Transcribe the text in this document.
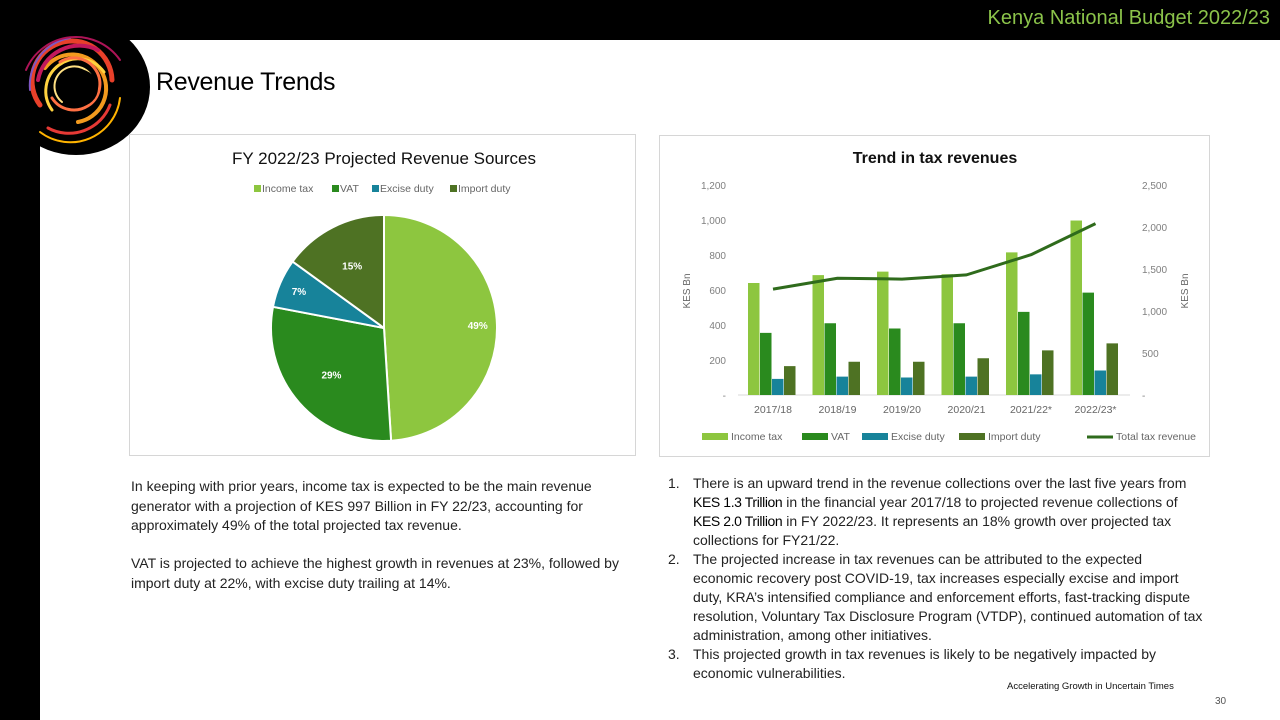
Kenya National Budget 2022/23
Revenue Trends
FY 2022/23 Projected Revenue Sources
Income tax	VAT Excise duty Import duty
49%
29%
7%
15%
Trend in tax revenues
KES Bn	KES Bn
-
200
400
600
800
1,000
1,200
-
500
1,000
1,500
2,000
2,500
2017/18	2018/19	2019/20	2020/21 2021/22* 2022/23*
Income tax	VAT	Excise duty	Import duty	Total tax revenue
In keeping with prior years, income tax is expected to be the main revenue generator with a projection of KES 997 Billion in FY 22/23, accounting for approximately 49% of the total projected tax revenue.
VAT is projected to achieve the highest growth in revenues at 23%, followed by import duty at 22%, with excise duty trailing at 14%.
1. There is an upward trend in the revenue collections over the last five years from KES 1.3 Trillion in the financial year 2017/18 to projected revenue collections of KES 2.0 Trillion in FY 2022/23. It represents an 18% growth over projected tax collections for FY21/22.
2. The projected increase in tax revenues can be attributed to the expected economic recovery post COVID-19, tax increases especially excise and import duty, KRA’s intensified compliance and enforcement efforts, fast-tracking dispute resolution, Voluntary Tax Disclosure Program (VTDP), continued automation of tax administration, among other initiatives.
3. This projected growth in tax revenues is likely to be negatively impacted by economic vulnerabilities.
Accelerating Growth in Uncertain Times
30
